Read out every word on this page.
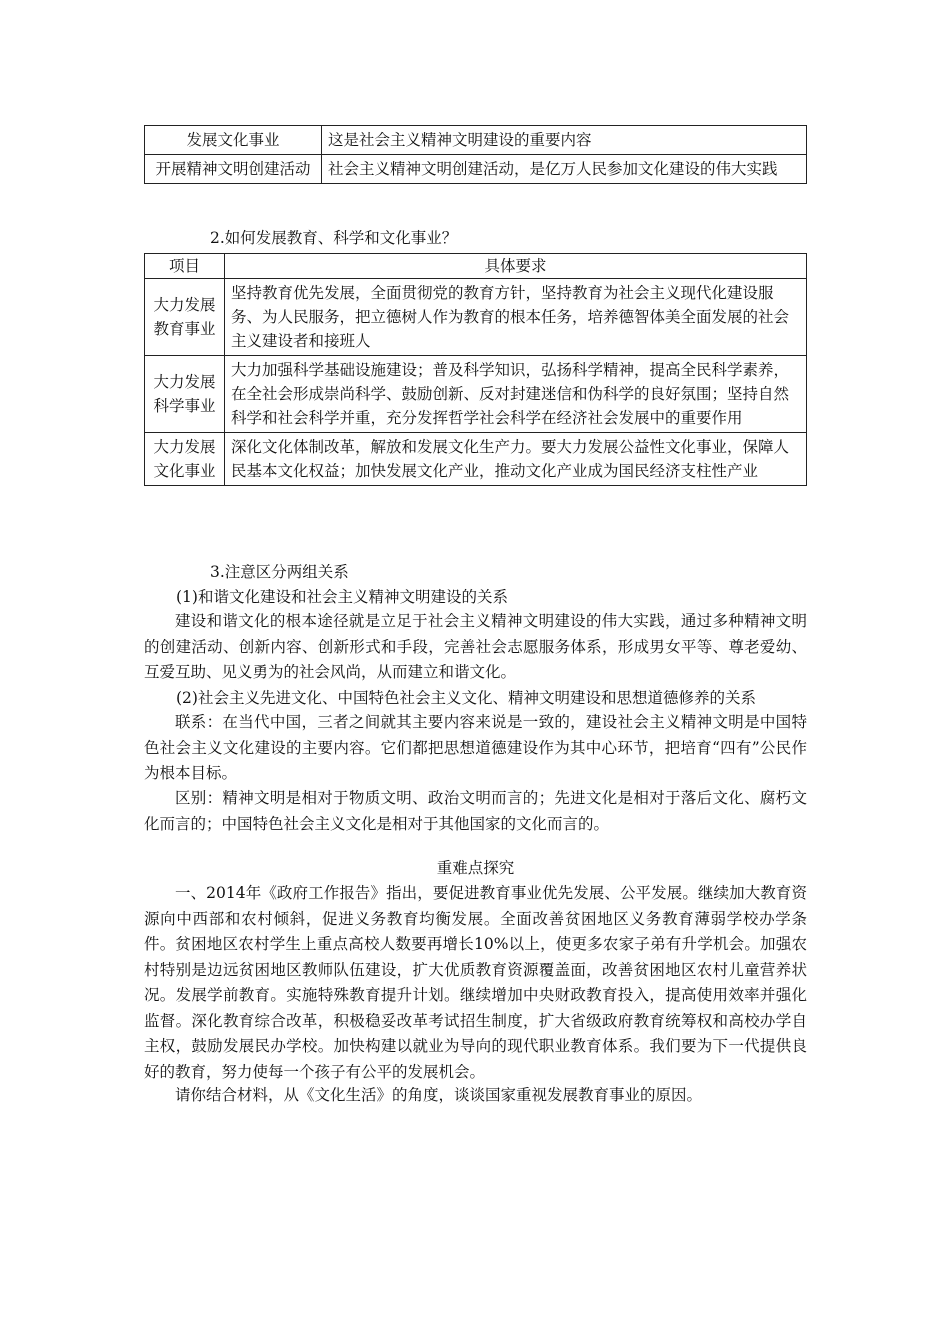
发展文化事业	这是社会主义精神文明建设的重要内容
开展精神文明创建活动	社会主义精神文明创建活动，是亿万人民参加文化建设的伟大实践
2.如何发展教育、科学和文化事业？
项目	具体要求
大力发展教育事业	坚持教育优先发展，全面贯彻党的教育方针，坚持教育为社会主义现代化建设服务、为人民服务，把立德树人作为教育的根本任务，培养德智体美全面发展的社会主义建设者和接班人
大力发展科学事业	大力加强科学基础设施建设；普及科学知识，弘扬科学精神，提高全民科学素养，在全社会形成崇尚科学、鼓励创新、反对封建迷信和伪科学的良好氛围；坚持自然科学和社会科学并重，充分发挥哲学社会科学在经济社会发展中的重要作用
大力发展文化事业	深化文化体制改革，解放和发展文化生产力。要大力发展公益性文化事业，保障人民基本文化权益；加快发展文化产业，推动文化产业成为国民经济支柱性产业
3.注意区分两组关系
(1)和谐文化建设和社会主义精神文明建设的关系

建设和谐文化的根本途径就是立足于社会主义精神文明建设的伟大实践，通过多种精神文明的创建活动、创新内容、创新形式和手段，完善社会志愿服务体系，形成男女平等、尊老爱幼、互爱互助、见义勇为的社会风尚，从而建立和谐文化。

(2)社会主义先进文化、中国特色社会主义文化、精神文明建设和思想道德修养的关系

联系：在当代中国，三者之间就其主要内容来说是一致的，建设社会主义精神文明是中国特色社会主义文化建设的主要内容。它们都把思想道德建设作为其中心环节，把培育“四有”公民作为根本目标。

区别：精神文明是相对于物质文明、政治文明而言的；先进文化是相对于落后文化、腐朽文化而言的；中国特色社会主义文化是相对于其他国家的文化而言的。

重难点探究

一、2014年《政府工作报告》指出，要促进教育事业优先发展、公平发展。继续加大教育资源向中西部和农村倾斜，促进义务教育均衡发展。全面改善贫困地区义务教育薄弱学校办学条件。贫困地区农村学生上重点高校人数要再增长10%以上，使更多农家子弟有升学机会。加强农村特别是边远贫困地区教师队伍建设，扩大优质教育资源覆盖面，改善贫困地区农村儿童营养状况。发展学前教育。实施特殊教育提升计划。继续增加中央财政教育投入，提高使用效率并强化监督。深化教育综合改革，积极稳妥改革考试招生制度，扩大省级政府教育统筹权和高校办学自主权，鼓励发展民办学校。加快构建以就业为导向的现代职业教育体系。我们要为下一代提供良好的教育，努力使每一个孩子有公平的发展机会。

请你结合材料，从《文化生活》的角度，谈谈国家重视发展教育事业的原因。
